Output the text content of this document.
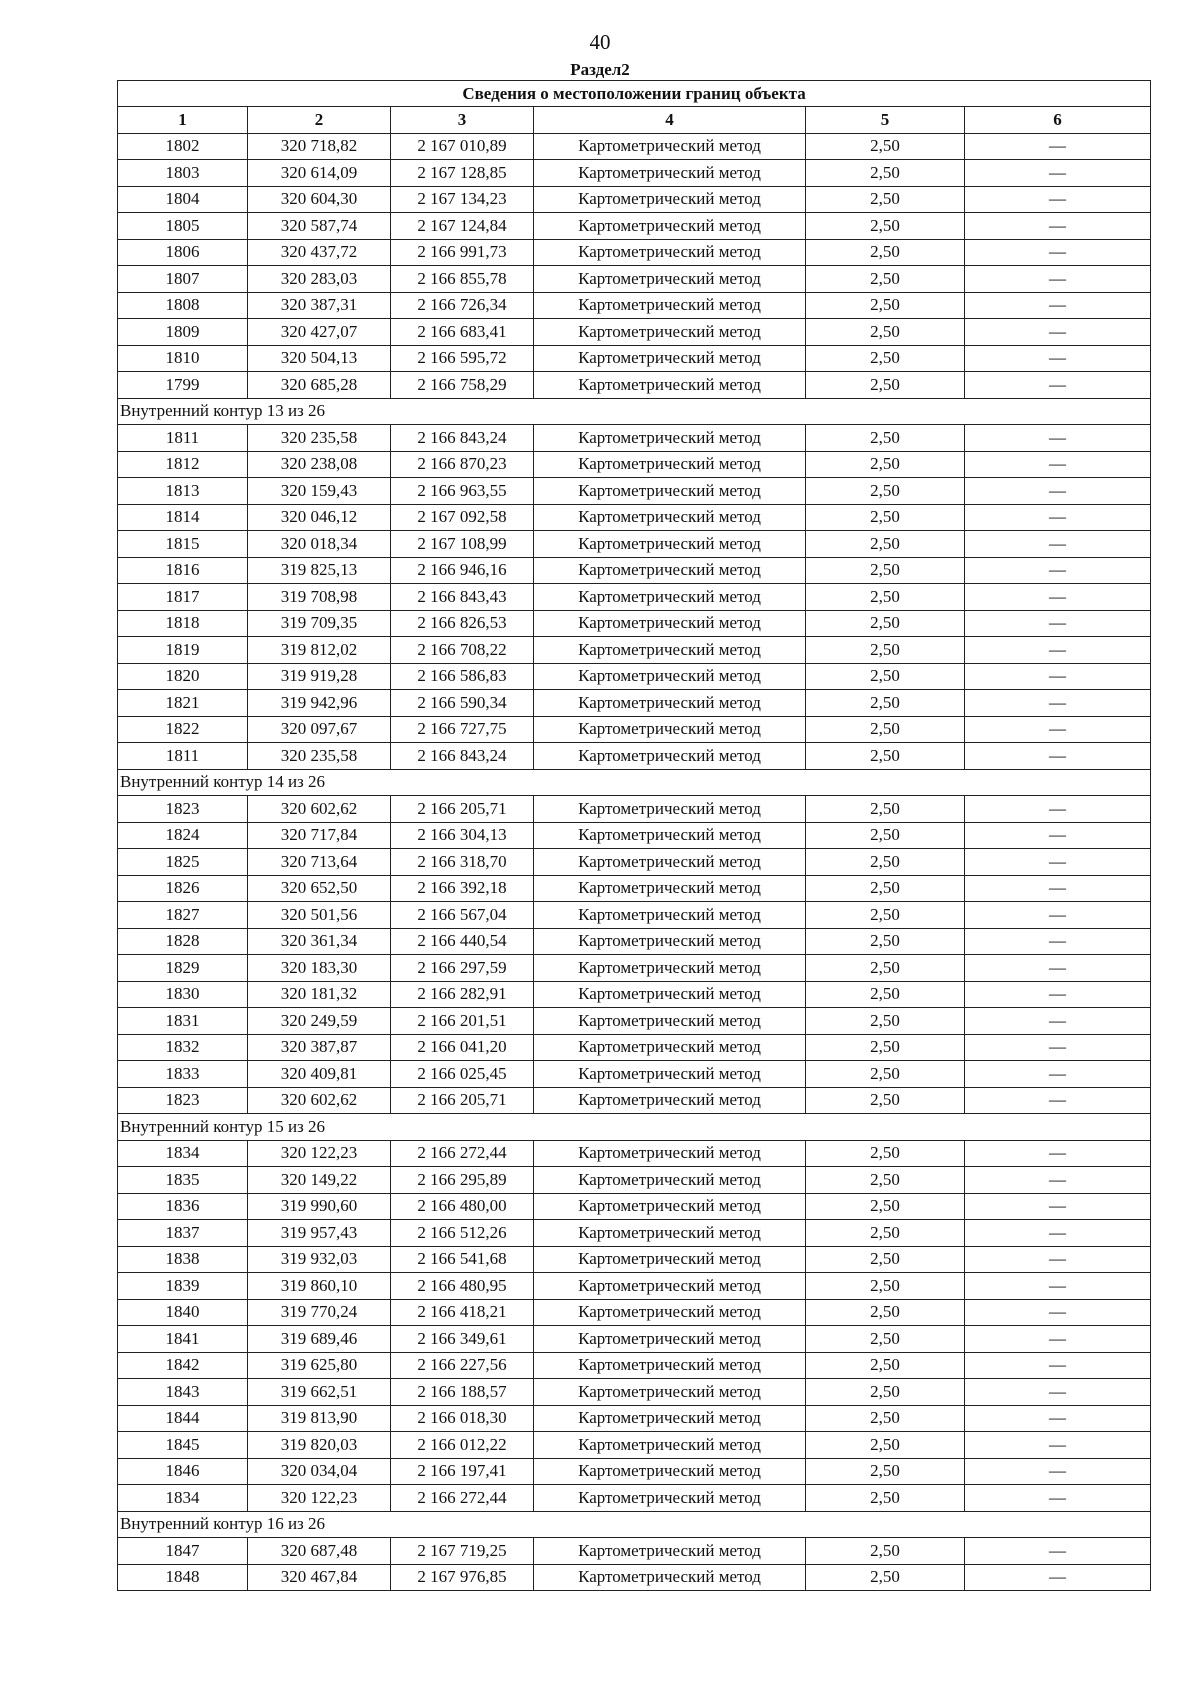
40
Раздел2
Сведения о местоположении границ объекта					
1	2	3	4	5	6
1802	320 718,82	2 167 010,89	Картометрический метод	2,50	—
1803	320 614,09	2 167 128,85	Картометрический метод	2,50	—
1804	320 604,30	2 167 134,23	Картометрический метод	2,50	—
1805	320 587,74	2 167 124,84	Картометрический метод	2,50	—
1806	320 437,72	2 166 991,73	Картометрический метод	2,50	—
1807	320 283,03	2 166 855,78	Картометрический метод	2,50	—
1808	320 387,31	2 166 726,34	Картометрический метод	2,50	—
1809	320 427,07	2 166 683,41	Картометрический метод	2,50	—
1810	320 504,13	2 166 595,72	Картометрический метод	2,50	—
1799	320 685,28	2 166 758,29	Картометрический метод	2,50	—
Внутренний контур 13 из 26					
1811	320 235,58	2 166 843,24	Картометрический метод	2,50	—
1812	320 238,08	2 166 870,23	Картометрический метод	2,50	—
1813	320 159,43	2 166 963,55	Картометрический метод	2,50	—
1814	320 046,12	2 167 092,58	Картометрический метод	2,50	—
1815	320 018,34	2 167 108,99	Картометрический метод	2,50	—
1816	319 825,13	2 166 946,16	Картометрический метод	2,50	—
1817	319 708,98	2 166 843,43	Картометрический метод	2,50	—
1818	319 709,35	2 166 826,53	Картометрический метод	2,50	—
1819	319 812,02	2 166 708,22	Картометрический метод	2,50	—
1820	319 919,28	2 166 586,83	Картометрический метод	2,50	—
1821	319 942,96	2 166 590,34	Картометрический метод	2,50	—
1822	320 097,67	2 166 727,75	Картометрический метод	2,50	—
1811	320 235,58	2 166 843,24	Картометрический метод	2,50	—
Внутренний контур 14 из 26					
1823	320 602,62	2 166 205,71	Картометрический метод	2,50	—
1824	320 717,84	2 166 304,13	Картометрический метод	2,50	—
1825	320 713,64	2 166 318,70	Картометрический метод	2,50	—
1826	320 652,50	2 166 392,18	Картометрический метод	2,50	—
1827	320 501,56	2 166 567,04	Картометрический метод	2,50	—
1828	320 361,34	2 166 440,54	Картометрический метод	2,50	—
1829	320 183,30	2 166 297,59	Картометрический метод	2,50	—
1830	320 181,32	2 166 282,91	Картометрический метод	2,50	—
1831	320 249,59	2 166 201,51	Картометрический метод	2,50	—
1832	320 387,87	2 166 041,20	Картометрический метод	2,50	—
1833	320 409,81	2 166 025,45	Картометрический метод	2,50	—
1823	320 602,62	2 166 205,71	Картометрический метод	2,50	—
Внутренний контур 15 из 26					
1834	320 122,23	2 166 272,44	Картометрический метод	2,50	—
1835	320 149,22	2 166 295,89	Картометрический метод	2,50	—
1836	319 990,60	2 166 480,00	Картометрический метод	2,50	—
1837	319 957,43	2 166 512,26	Картометрический метод	2,50	—
1838	319 932,03	2 166 541,68	Картометрический метод	2,50	—
1839	319 860,10	2 166 480,95	Картометрический метод	2,50	—
1840	319 770,24	2 166 418,21	Картометрический метод	2,50	—
1841	319 689,46	2 166 349,61	Картометрический метод	2,50	—
1842	319 625,80	2 166 227,56	Картометрический метод	2,50	—
1843	319 662,51	2 166 188,57	Картометрический метод	2,50	—
1844	319 813,90	2 166 018,30	Картометрический метод	2,50	—
1845	319 820,03	2 166 012,22	Картометрический метод	2,50	—
1846	320 034,04	2 166 197,41	Картометрический метод	2,50	—
1834	320 122,23	2 166 272,44	Картометрический метод	2,50	—
Внутренний контур 16 из 26					
1847	320 687,48	2 167 719,25	Картометрический метод	2,50	—
1848	320 467,84	2 167 976,85	Картометрический метод	2,50	—
